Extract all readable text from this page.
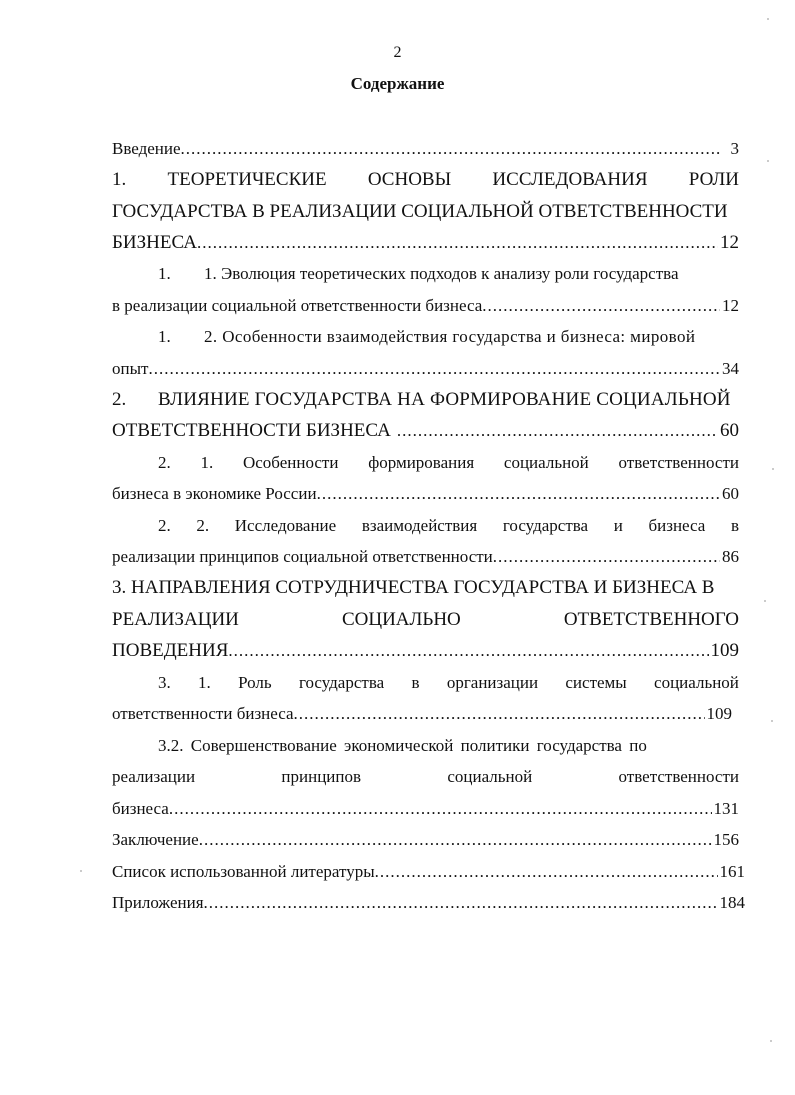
2
Содержание
Введение .....	3
1. ТЕОРЕТИЧЕСКИЕ ОСНОВЫ ИССЛЕДОВАНИЯ РОЛИ
ГОСУДАРСТВА В РЕАЛИЗАЦИИ СОЦИАЛЬНОЙ ОТВЕТСТВЕННОСТИ
БИЗНЕСА .....	12
1. 1. Эволюция теоретических подходов к анализу роли государства
в реализации социальной ответственности бизнеса .....	12
1. 2. Особенности взаимодействия государства и бизнеса: мировой
опыт .....	34
2. ВЛИЯНИЕ ГОСУДАРСТВА НА ФОРМИРОВАНИЕ СОЦИАЛЬНОЙ
ОТВЕТСТВЕННОСТИ БИЗНЕСА .....	60
2. 1. Особенности формирования социальной ответственности
бизнеса в экономике России .....	60
2. 2. Исследование взаимодействия государства и бизнеса в
реализации принципов социальной ответственности .....	86
3. НАПРАВЛЕНИЯ СОТРУДНИЧЕСТВА ГОСУДАРСТВА И БИЗНЕСА В
РЕАЛИЗАЦИИ	СОЦИАЛЬНО	ОТВЕТСТВЕННОГО
ПОВЕДЕНИЯ .....	109
3. 1. Роль государства в организации системы социальной
ответственности бизнеса .....	109
3.2. Совершенствование экономической политики государства по
реализации	принципов	социальной	ответственности
бизнеса .....	131
Заключение .....	156
Список использованной литературы .....	161
Приложения .....	184
